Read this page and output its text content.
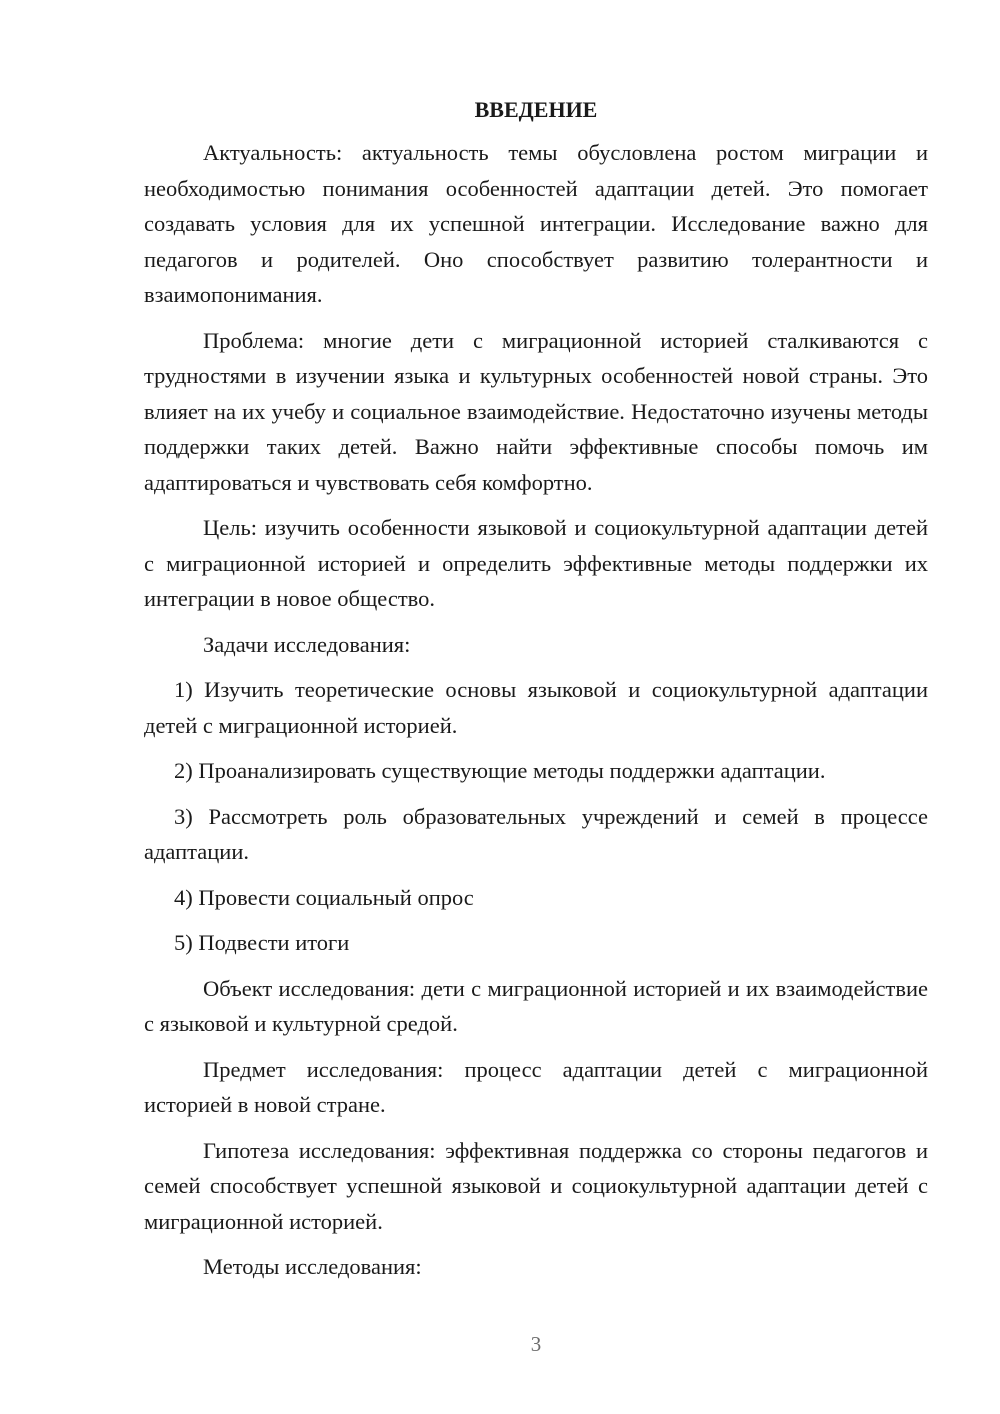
ВВЕДЕНИЕ

Актуальность: актуальность темы обусловлена ростом миграции и необходимостью понимания особенностей адаптации детей. Это помогает создавать условия для их успешной интеграции. Исследование важно для педагогов и родителей. Оно способствует развитию толерантности и взаимопонимания.

Проблема: многие дети с миграционной историей сталкиваются с трудностями в изучении языка и культурных особенностей новой страны. Это влияет на их учебу и социальное взаимодействие. Недостаточно изучены методы поддержки таких детей. Важно найти эффективные способы помочь им адаптироваться и чувствовать себя комфортно.

Цель: изучить особенности языковой и социокультурной адаптации детей с миграционной историей и определить эффективные методы поддержки их интеграции в новое общество.

Задачи исследования:

1) Изучить теоретические основы языковой и социокультурной адаптации детей с миграционной историей.

2) Проанализировать существующие методы поддержки адаптации.

3) Рассмотреть роль образовательных учреждений и семей в процессе адаптации.

4) Провести социальный опрос

5) Подвести итоги

Объект исследования: дети с миграционной историей и их взаимодействие с языковой и культурной средой.

Предмет исследования: процесс адаптации детей с миграционной историей в новой стране.

Гипотеза исследования: эффективная поддержка со стороны педагогов и семей способствует успешной языковой и социокультурной адаптации детей с миграционной историей.

Методы исследования:

3
